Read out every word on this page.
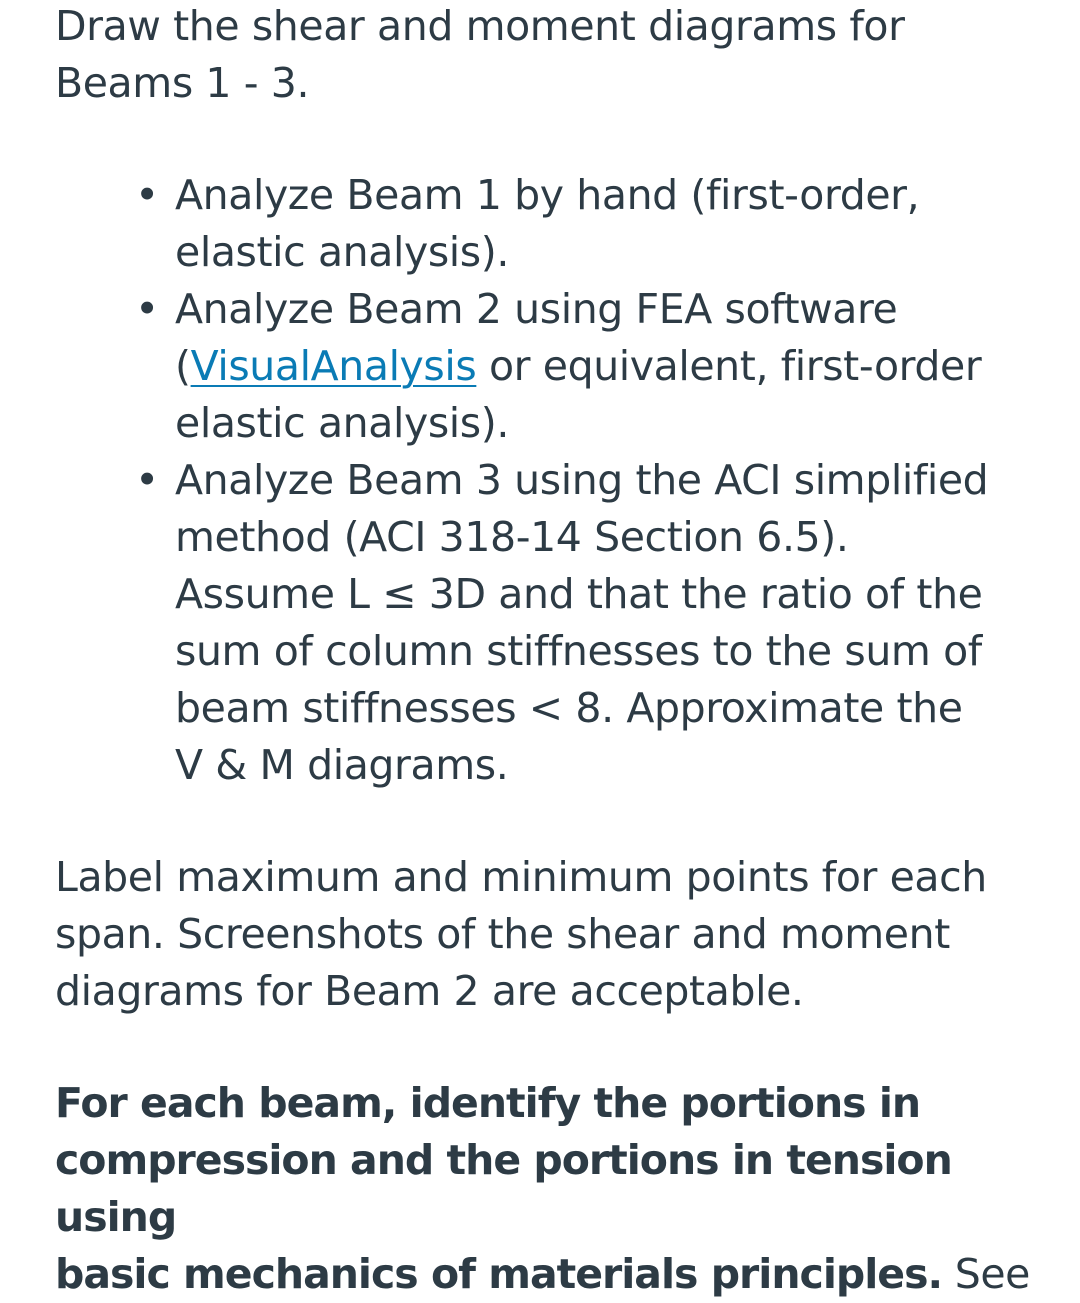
Draw the shear and moment diagrams for
Beams 1 - 3.

• Analyze Beam 1 by hand (first-order,
elastic analysis).
• Analyze Beam 2 using FEA software
(VisualAnalysis or equivalent, first-order
elastic analysis).
• Analyze Beam 3 using the ACI simplified
method (ACI 318-14 Section 6.5).
Assume L ≤ 3D and that the ratio of the
sum of column stiffnesses to the sum of
beam stiffnesses < 8. Approximate the
V & M diagrams.

Label maximum and minimum points for each
span. Screenshots of the shear and moment
diagrams for Beam 2 are acceptable.

For each beam, identify the portions in
compression and the portions in tension using
basic mechanics of materials principles. See
